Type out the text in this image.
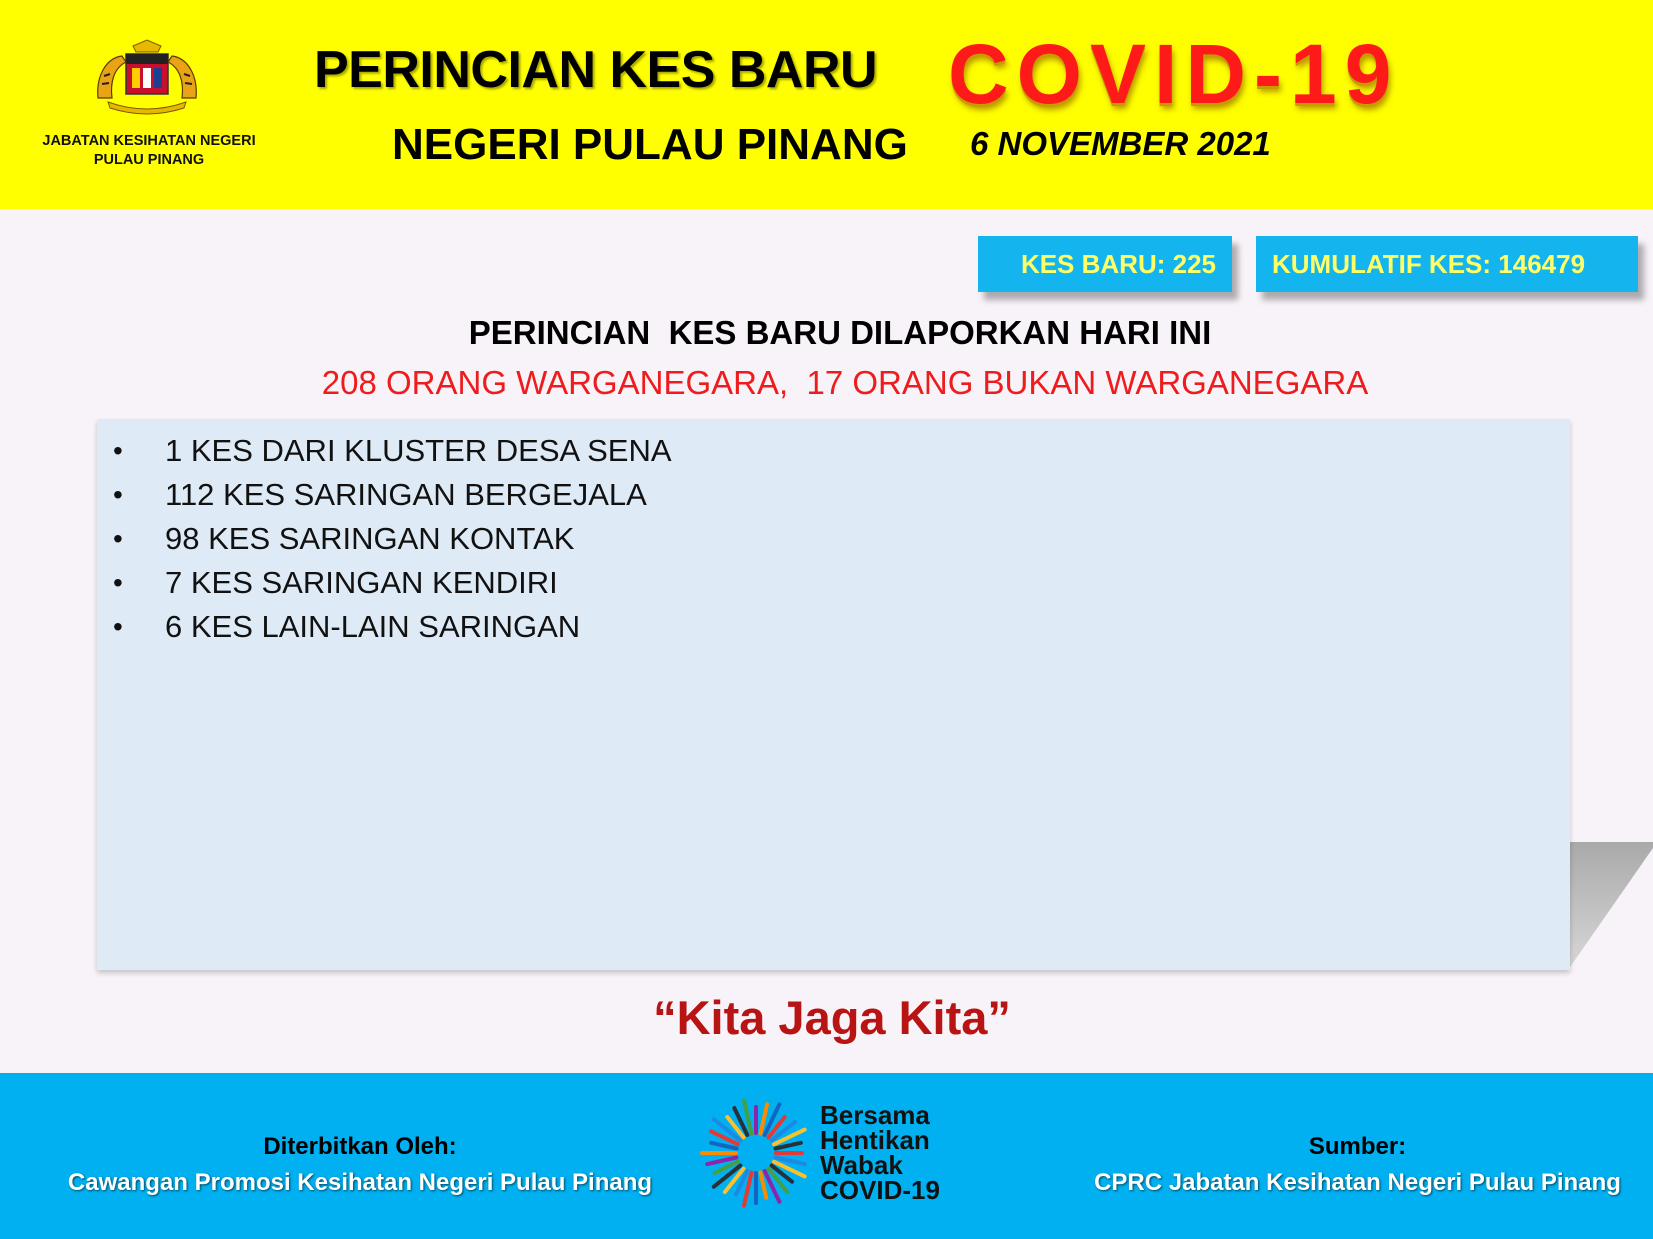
JABATAN KESIHATAN NEGERI PULAU PINANG
PERINCIAN KES BARU COVID-19
NEGERI PULAU PINANG 6 NOVEMBER 2021
KES BARU: 225	KUMULATIF KES: 146479
PERINCIAN  KES BARU DILAPORKAN HARI INI
208 ORANG WARGANEGARA,  17 ORANG BUKAN WARGANEGARA
• 1 KES DARI KLUSTER DESA SENA
• 112 KES SARINGAN BERGEJALA
• 98 KES SARINGAN KONTAK
• 7 KES SARINGAN KENDIRI
• 6 KES LAIN-LAIN SARINGAN
“Kita Jaga Kita”
Diterbitkan Oleh:
Cawangan Promosi Kesihatan Negeri Pulau Pinang
Bersama
Hentikan
Wabak
COVID-19
Sumber:
CPRC Jabatan Kesihatan Negeri Pulau Pinang
